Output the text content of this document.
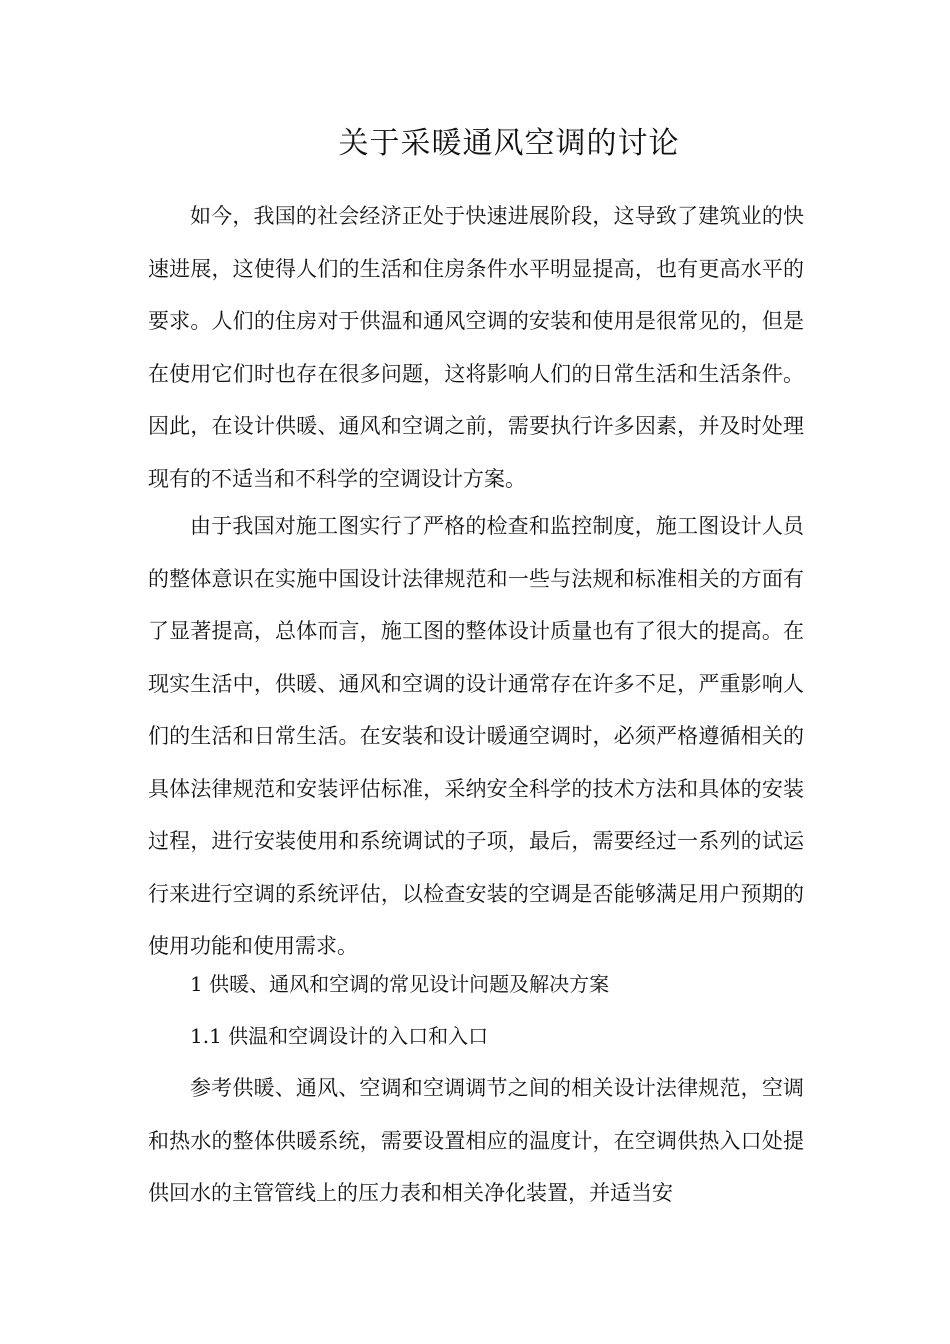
关于采暖通风空调的讨论

如今，我国的社会经济正处于快速进展阶段，这导致了建筑业的快速进展，这使得人们的生活和住房条件水平明显提高，也有更高水平的要求。人们的住房对于供温和通风空调的安装和使用是很常见的，但是在使用它们时也存在很多问题，这将影响人们的日常生活和生活条件。因此，在设计供暖、通风和空调之前，需要执行许多因素，并及时处理现有的不适当和不科学的空调设计方案。

由于我国对施工图实行了严格的检查和监控制度，施工图设计人员的整体意识在实施中国设计法律规范和一些与法规和标准相关的方面有了显著提高，总体而言，施工图的整体设计质量也有了很大的提高。在现实生活中，供暖、通风和空调的设计通常存在许多不足，严重影响人们的生活和日常生活。在安装和设计暖通空调时，必须严格遵循相关的具体法律规范和安装评估标准，采纳安全科学的技术方法和具体的安装过程，进行安装使用和系统调试的子项，最后，需要经过一系列的试运行来进行空调的系统评估，以检查安装的空调是否能够满足用户预期的使用功能和使用需求。

1 供暖、通风和空调的常见设计问题及解决方案
1.1 供温和空调设计的入口和入口

参考供暖、通风、空调和空调调节之间的相关设计法律规范，空调和热水的整体供暖系统，需要设置相应的温度计，在空调供热入口处提供回水的主管管线上的压力表和相关净化装置，并适当安
